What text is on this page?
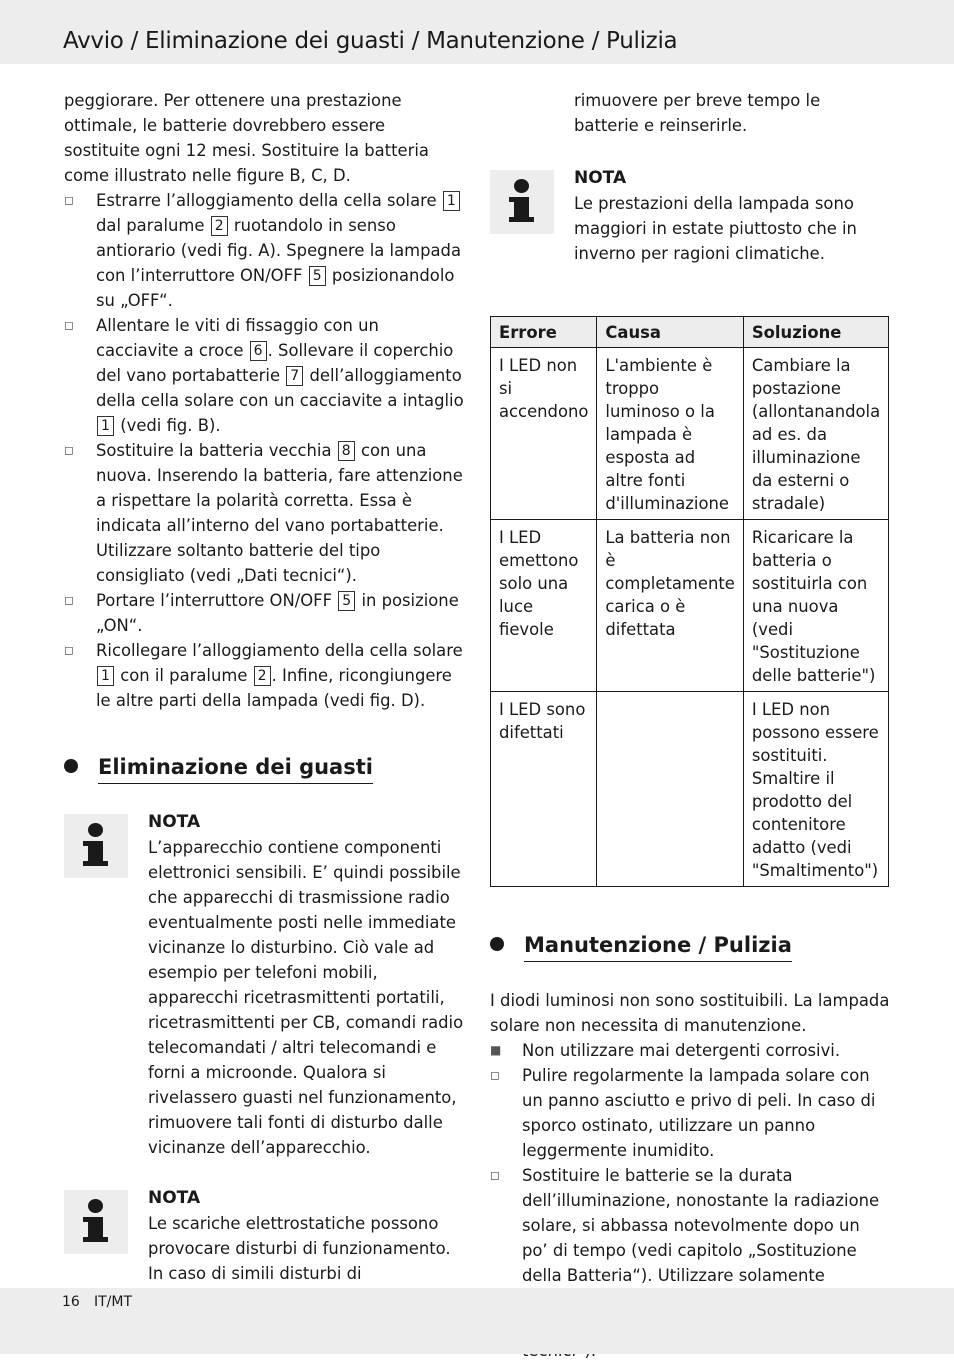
Avvio / Eliminazione dei guasti / Manutenzione / Pulizia

peggiorare. Per ottenere una prestazione ottimale, le batterie dovrebbero essere sostituite ogni 12 mesi. Sostituire la batteria come illustrato nelle figure B, C, D.

◻ Estrarre l’alloggiamento della cella solare 1 dal paralume 2 ruotandolo in senso antiorario (vedi fig. A). Spegnere la lampada con l’interruttore ON/OFF 5 posizionandolo su „OFF“.
◻ Allentare le viti di fissaggio con un cacciavite a croce 6 . Sollevare il coperchio del vano portabatterie 7 dell’alloggiamento della cella solare con un cacciavite a intaglio 1 (vedi fig. B).
◻ Sostituire la batteria vecchia 8 con una nuova. Inserendo la batteria, fare attenzione a rispettare la polarità corretta. Essa è indicata all’interno del vano portabatterie. Utilizzare soltanto batterie del tipo consigliato (vedi „Dati tecnici“).
◻ Portare l’interruttore ON/OFF 5 in posizione „ON“.
◻ Ricollegare l’alloggiamento della cella solare 1 con il paralume 2 . Infine, ricongiungere le altre parti della lampada (vedi fig. D).
Eliminazione dei guasti
NOTA

L’apparecchio contiene componenti elettronici sensibili. E’ quindi possibile che apparecchi di trasmissione radio eventualmente posti nelle immediate vicinanze lo disturbino. Ciò vale ad esempio per telefoni mobili, apparecchi ricetrasmittenti portatili, ricetrasmittenti per CB, comandi radio telecomandati / altri telecomandi e forni a microonde. Qualora si rivelassero guasti nel funzionamento, rimuovere tali fonti di disturbo dalle vicinanze dell’apparecchio.

NOTA

Le scariche elettrostatiche possono provocare disturbi di funzionamento. In caso di simili disturbi di

rimuovere per breve tempo le batterie e reinserirle.

NOTA

Le prestazioni della lampada sono maggiori in estate piuttosto che in inverno per ragioni climatiche.

Errore	Causa	Soluzione
I LED non si accendono	L'ambiente è troppo luminoso o la lampada è esposta ad altre fonti d'illuminazione	Cambiare la postazione (allontanandola ad es. da illuminazione da esterni o stradale)
I LED emettono solo una luce fievole	La batteria non è completamente carica o è difettata	Ricaricare la batteria o sostituirla con una nuova (vedi "Sostituzione delle batterie")
I LED sono difettati		I LED non possono essere sostituiti. Smaltire il prodotto del contenitore adatto (vedi "Smaltimento")
Manutenzione / Pulizia

I diodi luminosi non sono sostituibili. La lampada solare non necessita di manutenzione.

■ Non utilizzare mai detergenti corrosivi.
◻ Pulire regolarmente la lampada solare con un panno asciutto e privo di peli. In caso di sporco ostinato, utilizzare un panno leggermente inumidito.
◻ Sostituire le batterie se la durata dell’illuminazione, nonostante la radiazione solare, si abbassa notevolmente dopo un po’ di tempo (vedi capitolo „Sostituzione della Batteria“). Utilizzare solamente
16 IT/MT
